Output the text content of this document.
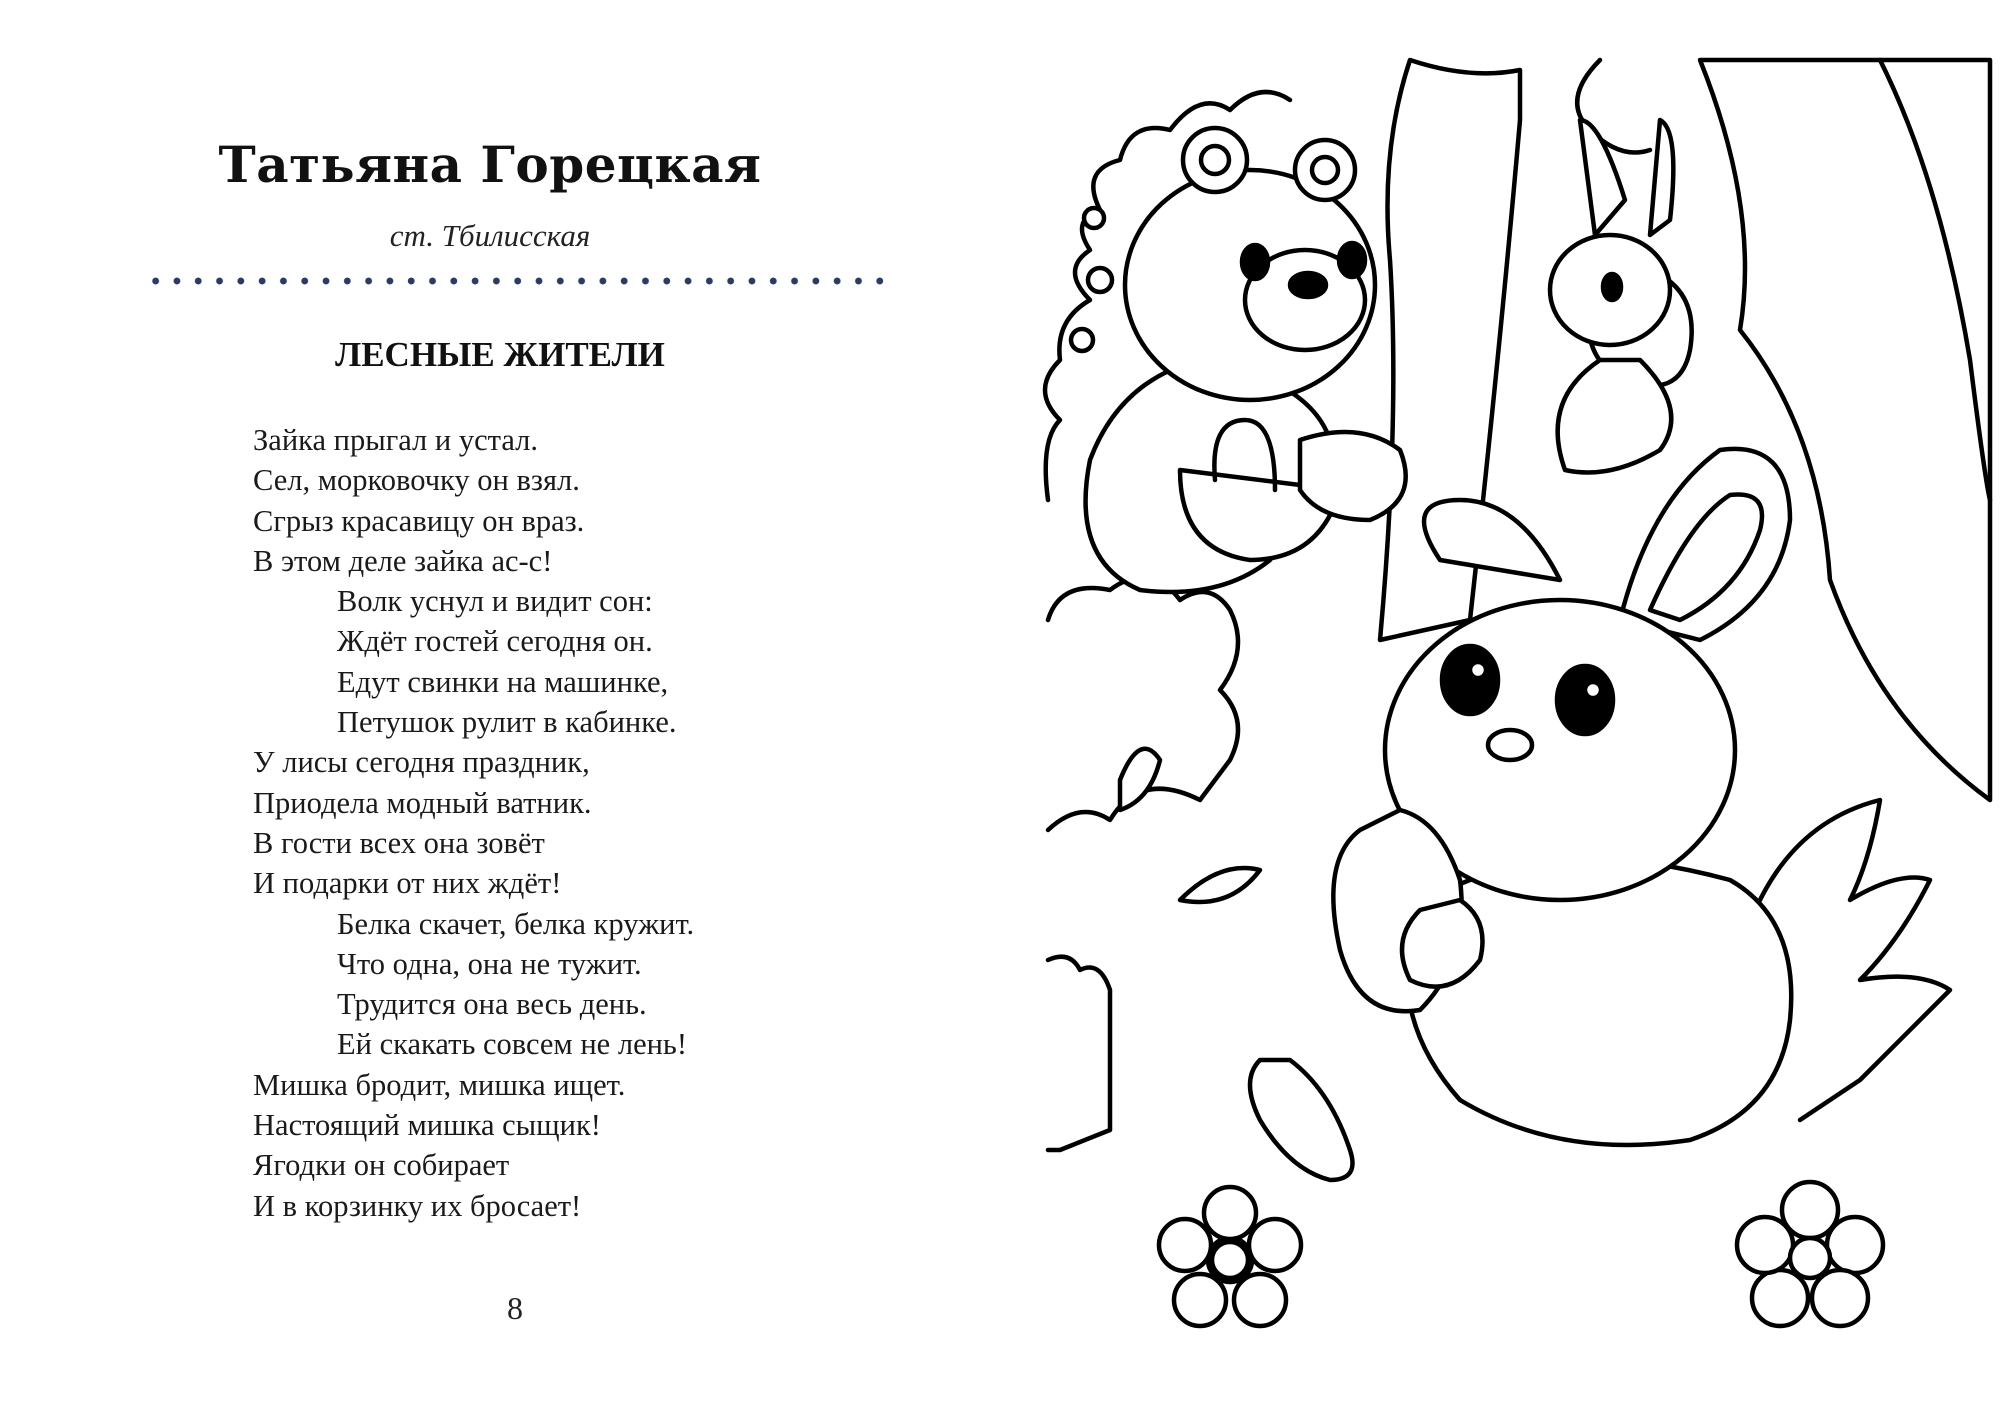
Татьяна Горецкая
ст. Тбилисская
ЛЕСНЫЕ ЖИТЕЛИ
Зайка прыгал и устал.
Сел, морковочку он взял.
Сгрыз красавицу он враз.
В этом деле зайка ас-с!
Волк уснул и видит сон:
Ждёт гостей сегодня он.
Едут свинки на машинке,
Петушок рулит в кабинке.
У лисы сегодня праздник,
Приодела модный ватник.
В гости всех она зовёт
И подарки от них ждёт!
Белка скачет, белка кружит.
Что одна, она не тужит.
Трудится она весь день.
Ей скакать совсем не лень!
Мишка бродит, мишка ищет.
Настоящий мишка сыщик!
Ягодки он собирает
И в корзинку их бросает!
8
